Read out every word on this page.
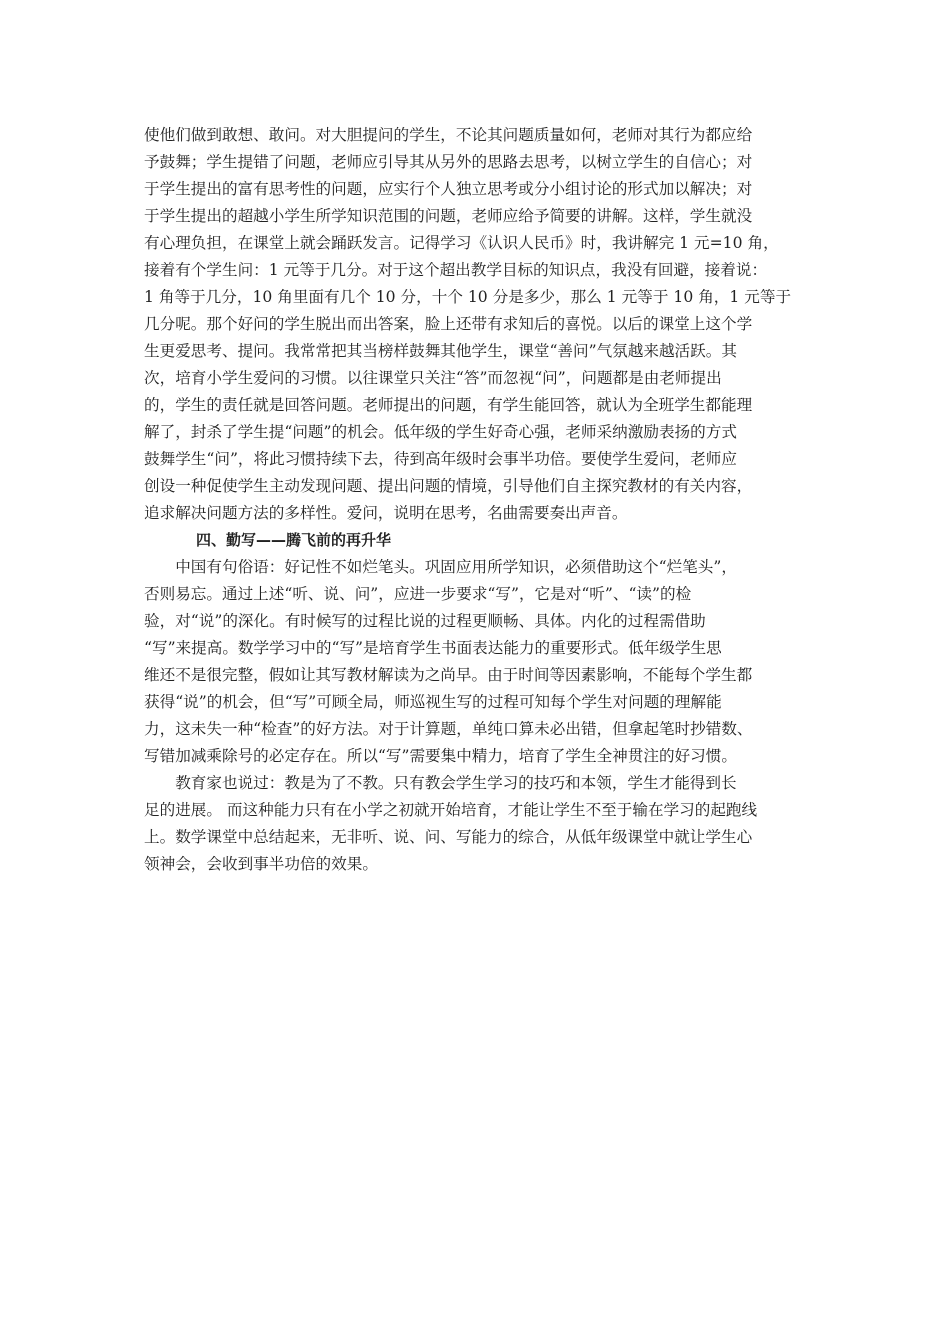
使他们做到敢想、敢问。对大胆提问的学生，不论其问题质量如何，老师对其行为都应给
予鼓舞；学生提错了问题，老师应引导其从另外的思路去思考，以树立学生的自信心；对
于学生提出的富有思考性的问题，应实行个人独立思考或分小组讨论的形式加以解决；对
于学生提出的超越小学生所学知识范围的问题，老师应给予简要的讲解。这样，学生就没
有心理负担，在课堂上就会踊跃发言。记得学习《认识人民币》时，我讲解完 1 元=10 角，
接着有个学生问：1 元等于几分。对于这个超出教学目标的知识点，我没有回避，接着说：
1 角等于几分，10 角里面有几个 10 分，十个 10 分是多少，那么 1 元等于 10 角，1 元等于
几分呢。那个好问的学生脱出而出答案，脸上还带有求知后的喜悦。以后的课堂上这个学
生更爱思考、提问。我常常把其当榜样鼓舞其他学生，课堂“善问”气氛越来越活跃。其
次，培育小学生爱问的习惯。以往课堂只关注“答”而忽视“问”，问题都是由老师提出
的，学生的责任就是回答问题。老师提出的问题，有学生能回答，就认为全班学生都能理
解了，封杀了学生提“问题”的机会。低年级的学生好奇心强，老师采纳激励表扬的方式
鼓舞学生“问”，将此习惯持续下去，待到高年级时会事半功倍。要使学生爱问，老师应
创设一种促使学生主动发现问题、提出问题的情境，引导他们自主探究教材的有关内容，
追求解决问题方法的多样性。爱问，说明在思考，名曲需要奏出声音。
四、勤写——腾飞前的再升华
　　中国有句俗语：好记性不如烂笔头。巩固应用所学知识，必须借助这个“烂笔头”，
否则易忘。通过上述“听、说、问”，应进一步要求“写”，它是对“听”、“读”的检
验，对“说”的深化。有时候写的过程比说的过程更顺畅、具体。内化的过程需借助
“写”来提高。数学学习中的“写”是培育学生书面表达能力的重要形式。低年级学生思
维还不是很完整，假如让其写教材解读为之尚早。由于时间等因素影响，不能每个学生都
获得“说”的机会，但“写”可顾全局，师巡视生写的过程可知每个学生对问题的理解能
力，这未失一种“检查”的好方法。对于计算题，单纯口算未必出错，但拿起笔时抄错数、
写错加减乘除号的必定存在。所以“写”需要集中精力，培育了学生全神贯注的好习惯。
　　教育家也说过：教是为了不教。只有教会学生学习的技巧和本领，学生才能得到长
足的进展。 而这种能力只有在小学之初就开始培育，才能让学生不至于输在学习的起跑线
上。数学课堂中总结起来，无非听、说、问、写能力的综合，从低年级课堂中就让学生心
领神会，会收到事半功倍的效果。
